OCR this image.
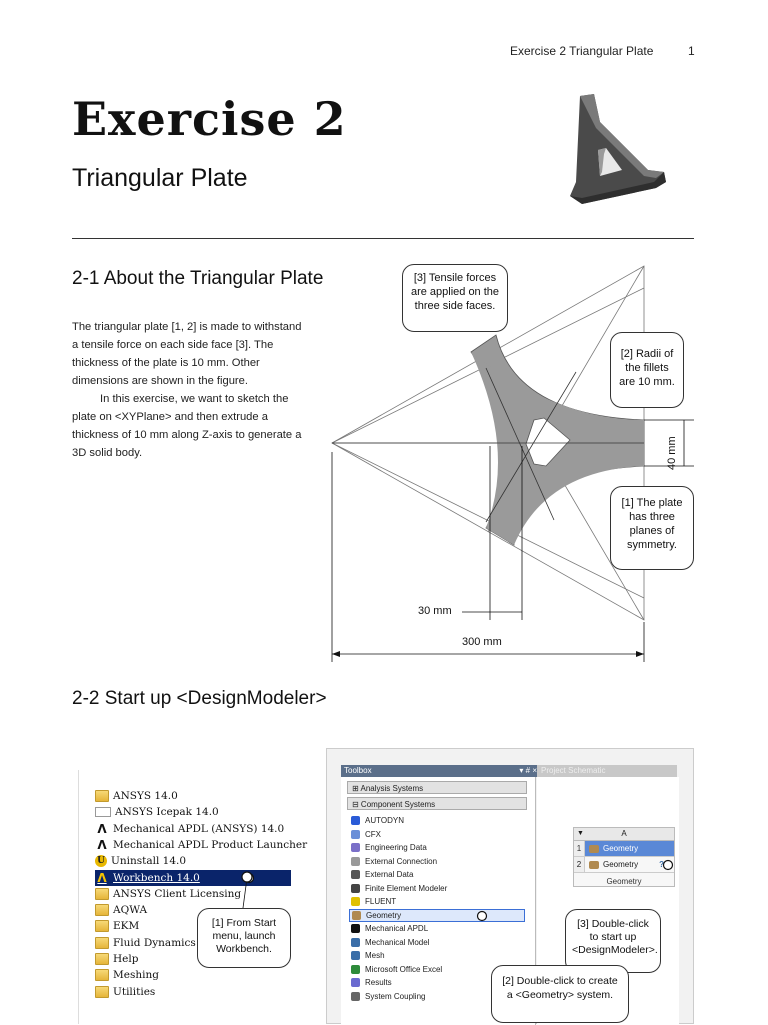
Exercise 2 Triangular Plate	1
Exercise 2
Triangular Plate
2-1 About the Triangular Plate

The triangular plate [1, 2] is made to withstand a tensile force on each side face [3]. The thickness of the plate is 10 mm. Other dimensions are shown in the figure.

In this exercise, we want to sketch the plate on <XYPlane> and then extrude a thickness of 10 mm along Z-axis to generate a 3D solid body.

[3] Tensile forces are applied on the three side faces.
[2] Radii of the fillets are 10 mm.
[1] The plate has three planes of symmetry.
40 mm
30 mm
300 mm
2-2 Start up <DesignModeler>
ANSYS 14.0
ANSYS Icepak 14.0
Λ Mechanical APDL (ANSYS) 14.0
Λ Mechanical APDL Product Launcher
U Uninstall 14.0
Λ Workbench 14.0
ANSYS Client Licensing
AQWA
EKM
Fluid Dynamics
Help
Meshing
Utilities
[1] From Start menu, launch Workbench.
Toolbox	▾ # × Project Schematic
⊞ Analysis Systems
⊟ Component Systems
AUTODYN
CFX
Engineering Data
External Connection
External Data
Finite Element Modeler
FLUENT
Geometry
Mechanical APDL
Mechanical Model
Mesh
Microsoft Office Excel
Results
System Coupling
▼	A
1	Geometry
2	Geometry	?
Geometry
[3] Double-click to start up <DesignModeler>.
[2] Double-click to create a <Geometry> system.
